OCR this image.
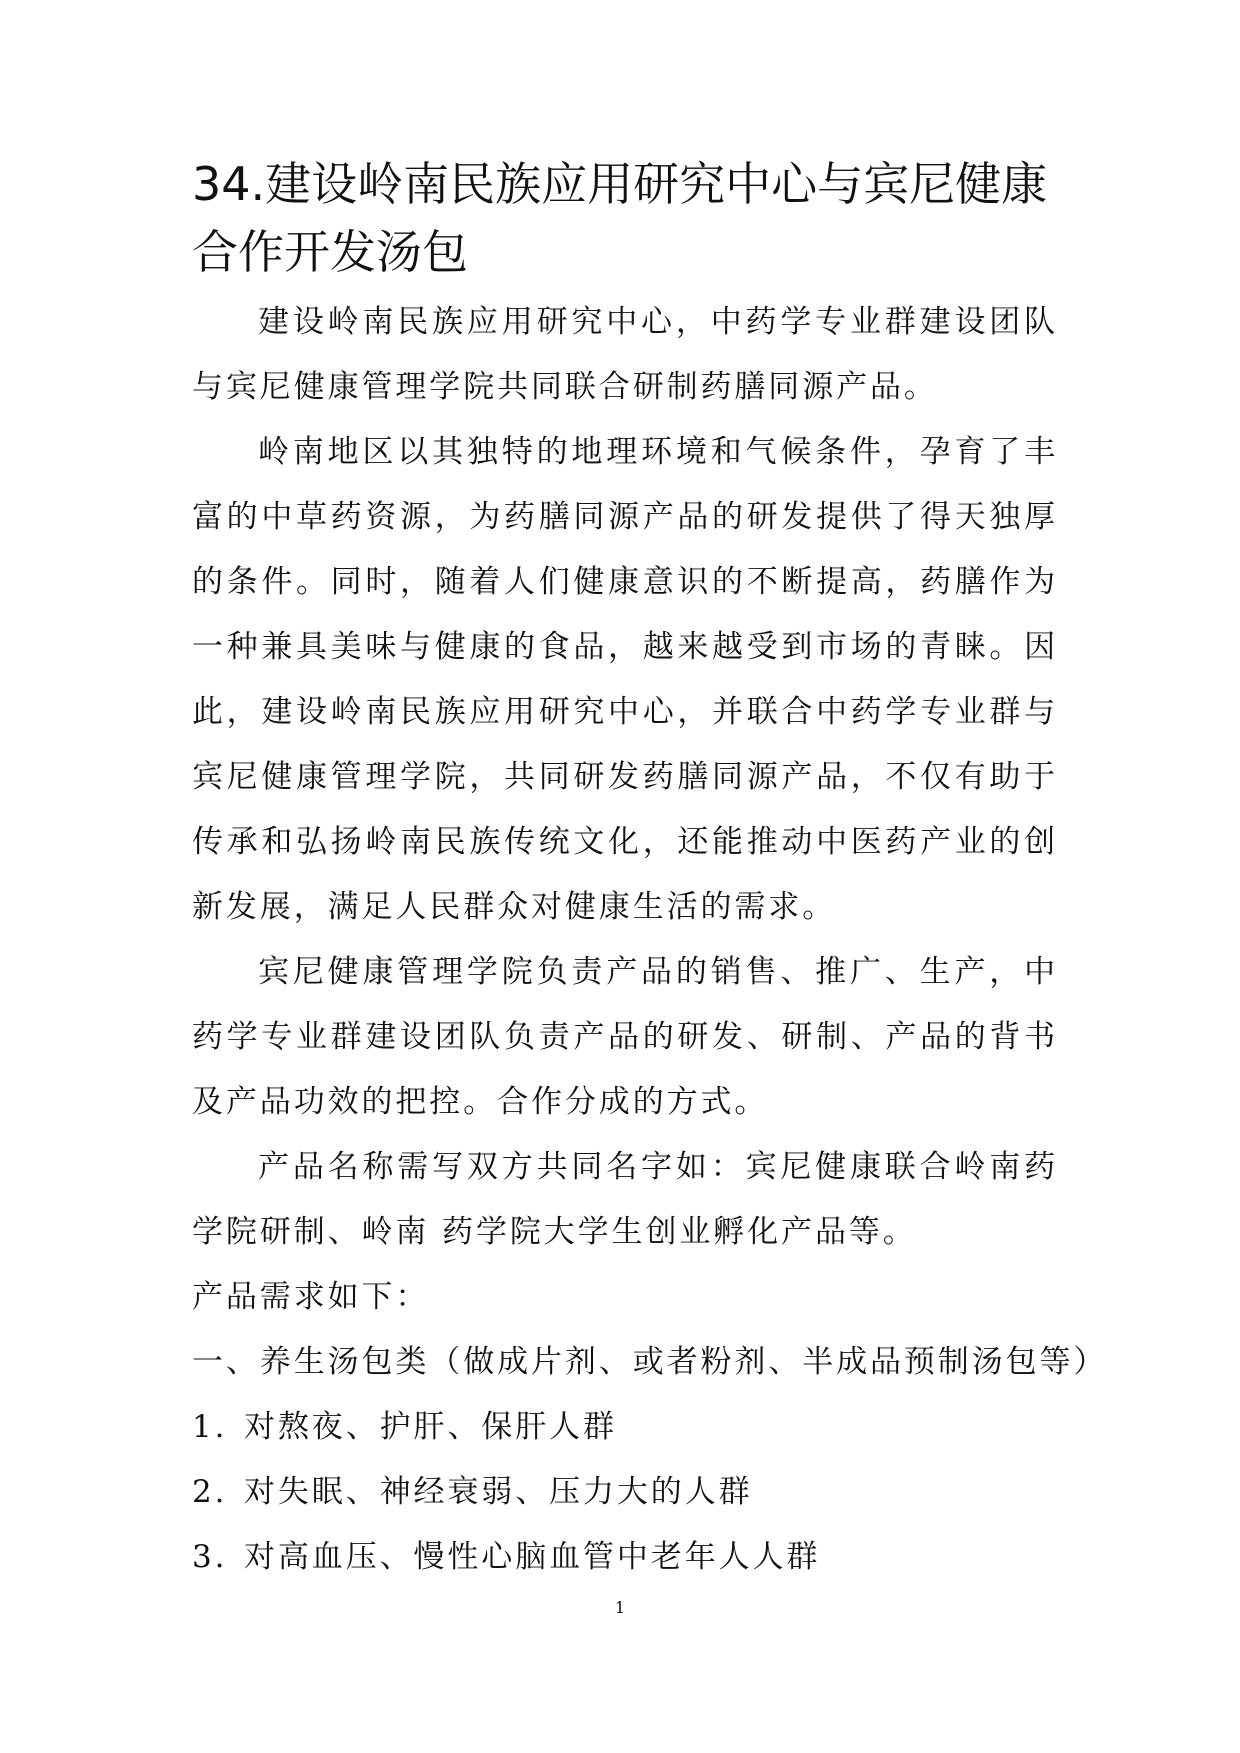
34.建设岭南民族应用研究中心与宾尼健康合作开发汤包

建设岭南民族应用研究中心，中药学专业群建设团队与宾尼健康管理学院共同联合研制药膳同源产品。

岭南地区以其独特的地理环境和气候条件，孕育了丰富的中草药资源，为药膳同源产品的研发提供了得天独厚的条件。同时，随着人们健康意识的不断提高，药膳作为一种兼具美味与健康的食品，越来越受到市场的青睐。因此，建设岭南民族应用研究中心，并联合中药学专业群与宾尼健康管理学院，共同研发药膳同源产品，不仅有助于传承和弘扬岭南民族传统文化，还能推动中医药产业的创新发展，满足人民群众对健康生活的需求。

宾尼健康管理学院负责产品的销售、推广、生产，中药学专业群建设团队负责产品的研发、研制、产品的背书及产品功效的把控。合作分成的方式。

产品名称需写双方共同名字如：宾尼健康联合岭南药学院研制、岭南 药学院大学生创业孵化产品等。

产品需求如下：

一、养生汤包类（做成片剂、或者粉剂、半成品预制汤包等）

1. 对熬夜、护肝、保肝人群

2. 对失眠、神经衰弱、压力大的人群

3. 对高血压、慢性心脑血管中老年人人群

1
